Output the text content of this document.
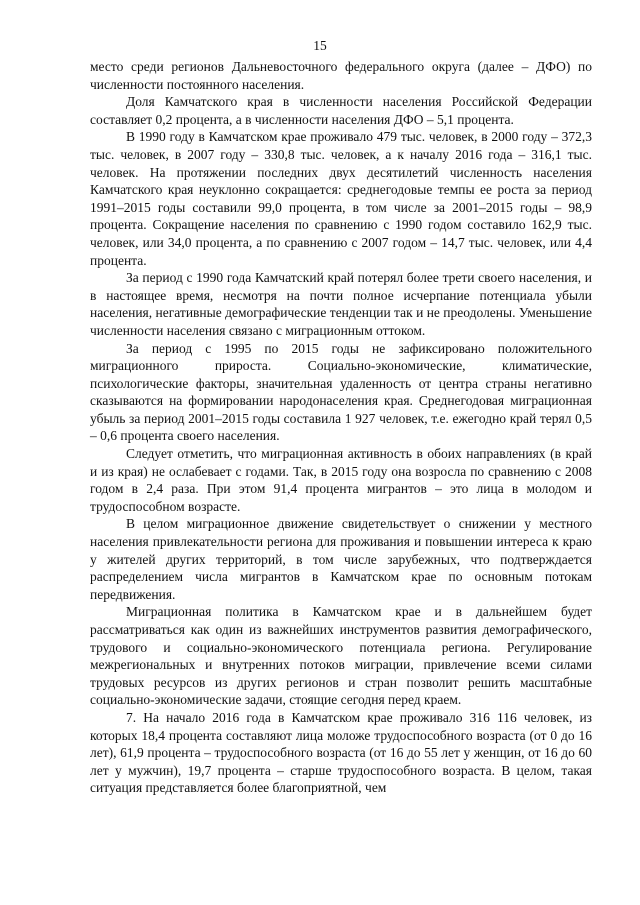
15

место среди регионов Дальневосточного федерального округа (далее – ДФО) по численности постоянного населения.

Доля Камчатского края в численности населения Российской Федерации составляет 0,2 процента, а в численности населения ДФО – 5,1 процента.

В 1990 году в Камчатском крае проживало 479 тыс. человек, в 2000 году – 372,3 тыс. человек, в 2007 году – 330,8 тыс. человек, а к началу 2016 года – 316,1 тыс. человек. На протяжении последних двух десятилетий численность населения Камчатского края неуклонно сокращается: среднегодовые темпы ее роста за период 1991–2015 годы составили 99,0 процента, в том числе за 2001–2015 годы – 98,9 процента. Сокращение населения по сравнению с 1990 годом составило 162,9 тыс. человек, или 34,0 процента, а по сравнению с 2007 годом – 14,7 тыс. человек, или 4,4 процента.

За период с 1990 года Камчатский край потерял более трети своего населения, и в настоящее время, несмотря на почти полное исчерпание потенциала убыли населения, негативные демографические тенденции так и не преодолены. Уменьшение численности населения связано с миграционным оттоком.

За период с 1995 по 2015 годы не зафиксировано положительного миграционного прироста. Социально-экономические, климатические, психологические факторы, значительная удаленность от центра страны негативно сказываются на формировании народонаселения края. Среднегодовая миграционная убыль за период 2001–2015 годы составила 1 927 человек, т.е. ежегодно край терял 0,5 – 0,6 процента своего населения.

Следует отметить, что миграционная активность в обоих направлениях (в край и из края) не ослабевает с годами. Так, в 2015 году она возросла по сравнению с 2008 годом в 2,4 раза. При этом 91,4 процента мигрантов – это лица в молодом и трудоспособном возрасте.

В целом миграционное движение свидетельствует о снижении у местного населения привлекательности региона для проживания и повышении интереса к краю у жителей других территорий, в том числе зарубежных, что подтверждается распределением числа мигрантов в Камчатском крае по основным потокам передвижения.

Миграционная политика в Камчатском крае и в дальнейшем будет рассматриваться как один из важнейших инструментов развития демографического, трудового и социально-экономического потенциала региона. Регулирование межрегиональных и внутренних потоков миграции, привлечение всеми силами трудовых ресурсов из других регионов и стран позволит решить масштабные социально-экономические задачи, стоящие сегодня перед краем.

7. На начало 2016 года в Камчатском крае проживало 316 116 человек, из которых 18,4 процента составляют лица моложе трудоспособного возраста (от 0 до 16 лет), 61,9 процента – трудоспособного возраста (от 16 до 55 лет у женщин, от 16 до 60 лет у мужчин), 19,7 процента – старше трудоспособного возраста. В целом, такая ситуация представляется более благоприятной, чем
